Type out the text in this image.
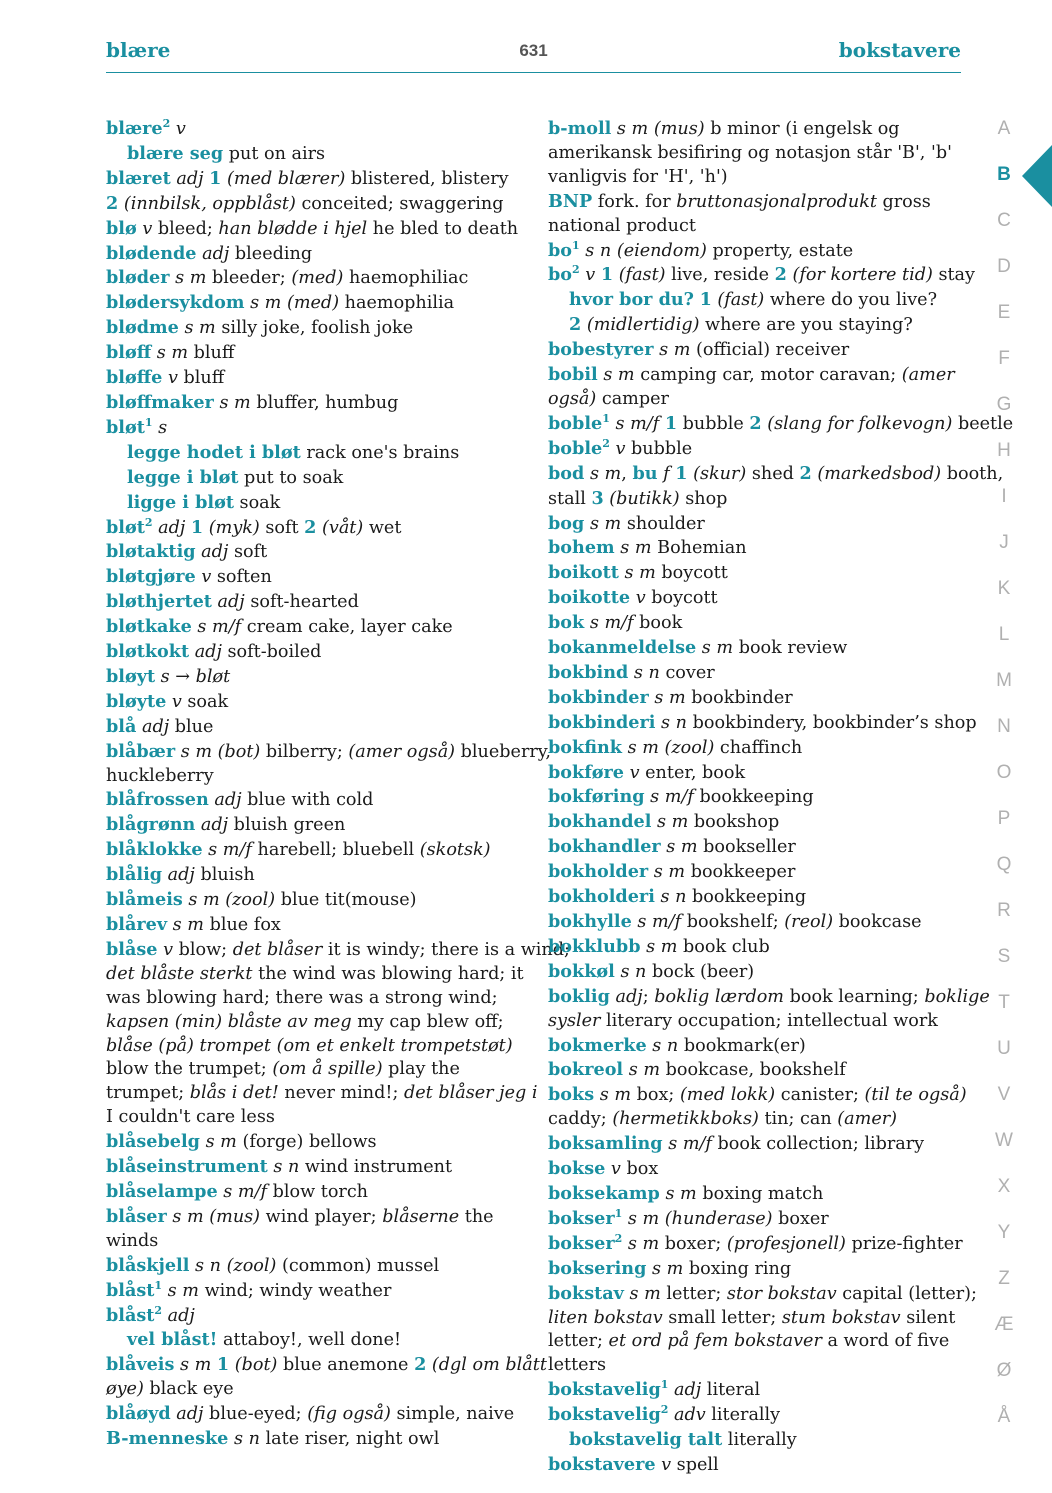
blære	631	bokstavere
blære$^2$ v
blære seg put on airs
blæret adj 1 (med blærer) blistered, blistery
2 (innbilsk, oppblåst) conceited; swaggering
blø v bleed; han blødde i hjel he bled to death
blødende adj bleeding
bløder s m bleeder; (med) haemophiliac
blødersykdom s m (med) haemophilia
blødme s m silly joke, foolish joke
bløff s m bluff
bløffe v bluff
bløffmaker s m bluffer, humbug
bløt$^1$ s
legge hodet i bløt rack one's brains
legge i bløt put to soak
ligge i bløt soak
bløt$^2$ adj 1 (myk) soft 2 (våt) wet
bløtaktig adj soft
bløtgjøre v soften
bløthjertet adj soft-hearted
bløtkake s m/f cream cake, layer cake
bløtkokt adj soft-boiled
bløyt s → bløt
bløyte v soak
blå adj blue
blåbær s m (bot) bilberry; (amer også) blueberry,
huckleberry
blåfrossen adj blue with cold
blågrønn adj bluish green
blåklokke s m/f harebell; bluebell (skotsk)
blålig adj bluish
blåmeis s m (zool) blue tit(mouse)
blårev s m blue fox
blåse v blow; det blåser it is windy; there is a wind;
det blåste sterkt the wind was blowing hard; it
was blowing hard; there was a strong wind;
kapsen (min) blåste av meg my cap blew off;
blåse (på) trompet (om et enkelt trompetstøt)
blow the trumpet; (om å spille) play the
trumpet; blås i det! never mind!; det blåser jeg i
I couldn't care less
blåsebelg s m (forge) bellows
blåseinstrument s n wind instrument
blåselampe s m/f blow torch
blåser s m (mus) wind player; blåserne the
winds
blåskjell s n (zool) (common) mussel
blåst$^1$ s m wind; windy weather
blåst$^2$ adj
vel blåst! attaboy!, well done!
blåveis s m 1 (bot) blue anemone 2 (dgl om blått
øye) black eye
blåøyd adj blue-eyed; (fig også) simple, naive
B-menneske s n late riser, night owl
b-moll s m (mus) b minor (i engelsk og
amerikansk besifiring og notasjon står 'B', 'b'
vanligvis for 'H', 'h')
BNP fork. for bruttonasjonalprodukt gross
national product
$bo^1$ s n (eiendom) property, estate
$bo^2$ v 1 (fast) live, reside 2 (for kortere tid) stay
hvor bor du? 1 (fast) where do you live?
2 (midlertidig) where are you staying?
bobestyrer s m (official) receiver
bobil s m camping car, motor caravan; (amer
også) camper
boble$^1$ s m/f 1 bubble 2 (slang for folkevogn) beetle
boble$^2$ v bubble
bod s m, bu f 1 (skur) shed 2 (markedsbod) booth,
stall 3 (butikk) shop
bog s m shoulder
bohem s m Bohemian
boikott s m boycott
boikotte v boycott
bok s m/f book
bokanmeldelse s m book review
bokbind s n cover
bokbinder s m bookbinder
bokbinderi s n bookbindery, bookbinder’s shop
bokfink s m (zool) chaffinch
bokføre v enter, book
bokføring s m/f bookkeeping
bokhandel s m bookshop
bokhandler s m bookseller
bokholder s m bookkeeper
bokholderi s n bookkeeping
bokhylle s m/f bookshelf; (reol) bookcase
bokklubb s m book club
bokkøl s n bock (beer)
boklig adj; boklig lærdom book learning; boklige
sysler literary occupation; intellectual work
bokmerke s n bookmark(er)
bokreol s m bookcase, bookshelf
boks s m box; (med lokk) canister; (til te også)
caddy; (hermetikkboks) tin; can (amer)
boksamling s m/f book collection; library
bokse v box
boksekamp s m boxing match
bokser$^1$ s m (hunderase) boxer
bokser$^2$ s m boxer; (profesjonell) prize-fighter
boksering s m boxing ring
bokstav s m letter; stor bokstav capital (letter);
liten bokstav small letter; stum bokstav silent
letter; et ord på fem bokstaver a word of five
letters
bokstavelig$^1$ adj literal
bokstavelig$^2$ adv literally
bokstavelig talt literally
bokstavere v spell
A
B
C
D
E
F
G
H
I
J
K
L
M
N
O
P
Q
R
S
T
U
V
W
X
Y
Z
Æ
Ø
Å
